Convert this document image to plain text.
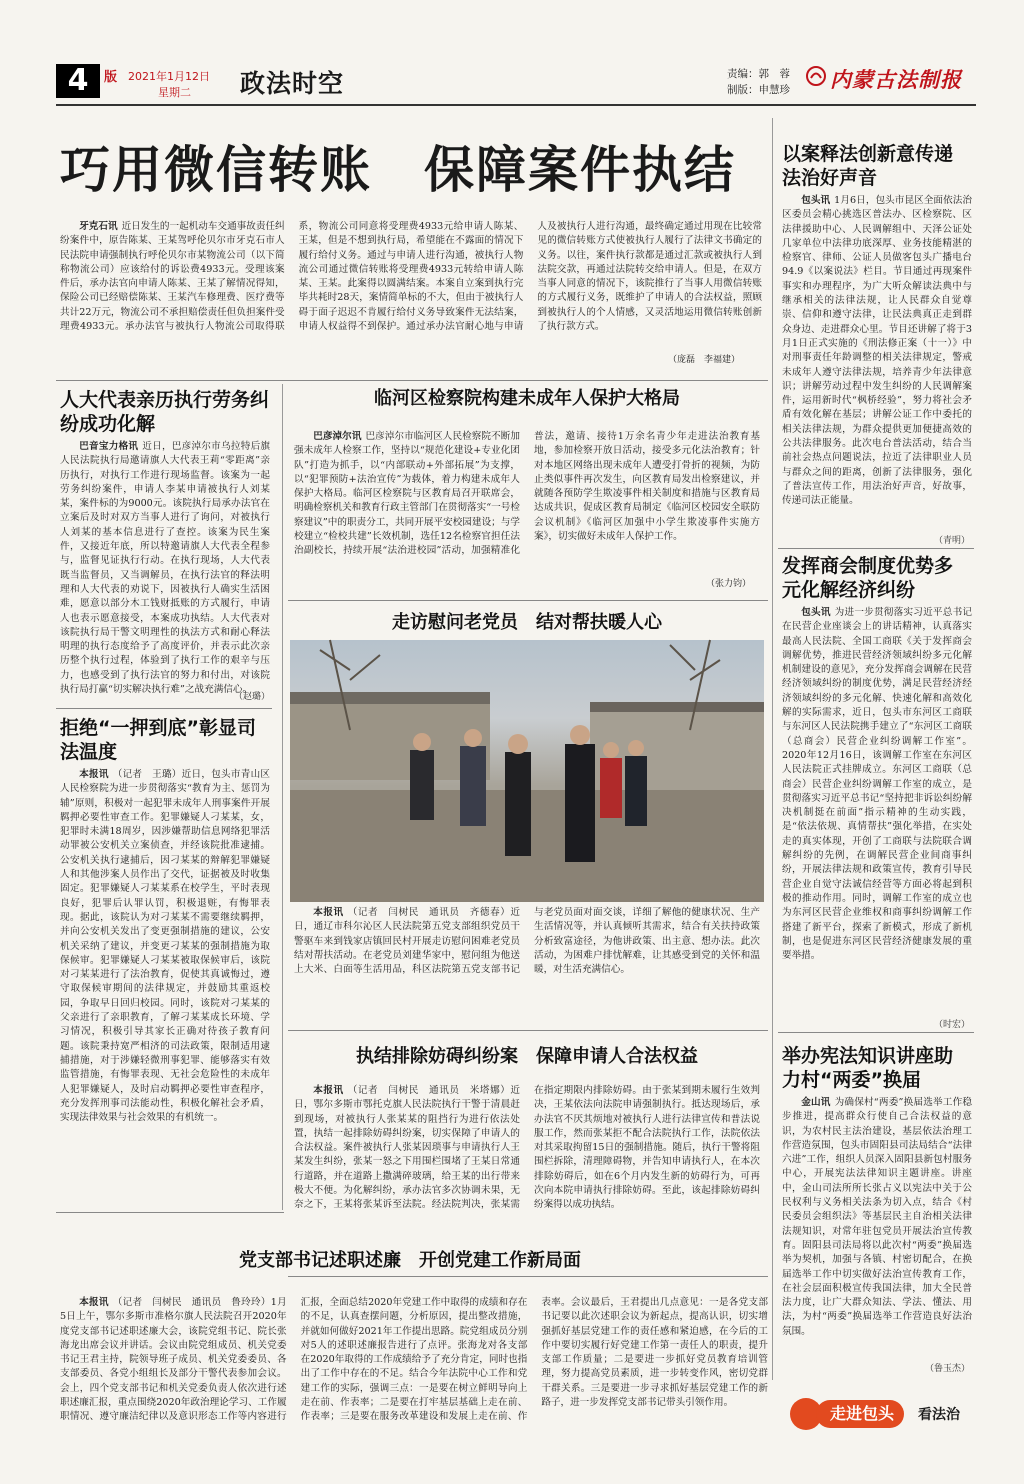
4	版 2021年1月12日
星期二 政法时空	责编：郭　蓉
制版：申慧珍 内蒙古法制报
巧用微信转账　保障案件执结

牙克石讯 近日发生的一起机动车交通事故责任纠纷案件中，原告陈某、王某驾呼伦贝尔市牙克石市人民法院申请强制执行呼伦贝尔市某物流公司（以下简称物流公司）应该给付的诉讼费4933元。受理该案件后，承办法官向申请人陈某、王某了解情况得知，保险公司已经赔偿陈某、王某汽车修理费、医疗费等共计22万元，物流公司不承担赔偿责任但负担案件受理费4933元。承办法官与被执行人物流公司取得联系，物流公司同意将受理费4933元给申请人陈某、王某，但是不想到执行局，希望能在不露面的情况下履行给付义务。通过与申请人进行沟通，被执行人物流公司通过微信转账将受理费4933元转给申请人陈某、王某。此案得以圆满结案。本案自立案到执行完毕共耗时28天，案情简单标的不大，但由于被执行人碍于面子迟迟不肯履行给付义务导致案件无法结案，申请人权益得不到保护。通过承办法官耐心地与申请人及被执行人进行沟通，最终确定通过用现在比较常见的微信转账方式使被执行人履行了法律文书确定的义务。以往，案件执行款都是通过汇款或被执行人到法院交款，再通过法院转交给申请人。但是，在双方当事人同意的情况下，该院推行了当事人用微信转账的方式履行义务，既维护了申请人的合法权益，照顾到被执行人的个人情感，又灵活地运用微信转账创新了执行款方式。

（庞磊　李福建）
人大代表亲历执行劳务纠纷成功化解

巴音宝力格讯 近日，巴彦淖尔市乌拉特后旗人民法院执行局邀请旗人大代表王莉“零距离”亲历执行，对执行工作进行现场监督。该案为一起劳务纠纷案件，申请人李某申请被执行人刘某某，案件标的为9000元。该院执行局承办法官在立案后及时对双方当事人进行了询问，对被执行人刘某的基本信息进行了查控。该案为民生案件，又接近年底，所以特邀请旗人大代表全程参与，监督见证执行行动。在执行现场，人大代表既当监督员，又当调解员，在执行法官的释法明理和人大代表的劝说下，因被执行人确实生活困难，愿意以部分木工钱财抵账的方式履行，申请人也表示愿意接受，本案成功执结。人大代表对该院执行局干警文明理性的执法方式和耐心释法明理的执行态度给予了高度评价，并表示此次亲历整个执行过程，体验到了执行工作的艰辛与压力，也感受到了执行法官的努力和付出，对该院执行局打赢“切实解决执行难”之战充满信心。

（赵璐）
拒绝“一押到底”彰显司法温度

本报讯 （记者　王璐）近日，包头市青山区人民检察院为进一步贯彻落实“教育为主、惩罚为辅”原则，积极对一起犯罪未成年人刑事案件开展羁押必要性审查工作。犯罪嫌疑人刁某某，女，犯罪时未满18周岁，因涉嫌帮助信息网络犯罪活动罪被公安机关立案侦查，并经该院批准逮捕。公安机关执行逮捕后，因刁某某的辩解犯罪嫌疑人和其他涉案人员作出了交代，证据被及时收集固定。犯罪嫌疑人刁某某系在校学生，平时表现良好，犯罪后认罪认罚，积极退赃，有悔罪表现。据此，该院认为对刁某某不需要继续羁押，并向公安机关发出了变更强制措施的建议，公安机关采纳了建议，并变更刁某某的强制措施为取保候审。犯罪嫌疑人刁某某被取保候审后，该院对刁某某进行了法治教育，促使其真诚悔过，遵守取保候审期间的法律规定，并鼓励其重返校园，争取早日回归校园。同时，该院对刁某某的父亲进行了亲职教育，了解刁某某成长环境、学习情况，积极引导其家长正确对待孩子教育问题。该院秉持宽严相济的司法政策，限制适用逮捕措施，对于涉嫌轻微刑事犯罪、能够落实有效监管措施，有悔罪表现、无社会危险性的未成年人犯罪嫌疑人，及时启动羁押必要性审查程序，充分发挥刑事司法能动性，积极化解社会矛盾，实现法律效果与社会效果的有机统一。

临河区检察院构建未成年人保护大格局

巴彦淖尔讯 巴彦淖尔市临河区人民检察院不断加强未成年人检察工作，坚持以“规范化建设+专业化团队”打造为抓手，以“内部联动+外部拓展”为支撑，以“犯罪预防+法治宣传”为载体，着力构建未成年人保护大格局。临河区检察院与区教育局召开联席会，明确检察机关和教育行政主管部门在贯彻落实“一号检察建议”中的职责分工，共同开展平安校园建设；与学校建立“检校共建”长效机制，选任12名检察官担任法治副校长，持续开展“法治进校园”活动，加强精准化普法，邀请、接待1万余名青少年走进法治教育基地，参加检察开放日活动，接受多元化法治教育；针对本地区网络出现未成年人遭受打骨折的视频，为防止类似事件再次发生，向区教育局发出检察建议，并就随各预防学生欺凌事件相关制度和措施与区教育局达成共识，促成区教育局制定《临河区校园安全联防会议机制》《临河区加强中小学生欺凌事件实施方案》，切实做好未成年人保护工作。

（张力钧）
走访慰问老党员　结对帮扶暖人心

本报讯 （记者　闫树民　通讯员　齐德春）近日，通辽市科尔沁区人民法院第五党支部组织党员干警驱车来到钱家店镇回民村开展走访慰问困难老党员结对帮扶活动。在老党员刘建华家中，慰问组为他送上大米、白面等生活用品，科区法院第五党支部书记与老党员面对面交谈，详细了解他的健康状况、生产生活情况等，并认真倾听其需求，结合有关扶持政策分析致富途径，为他讲政策、出主意、想办法。此次活动，为困难户排忧解难，让其感受到党的关怀和温暖，对生活充满信心。

执结排除妨碍纠纷案　保障申请人合法权益

本报讯 （记者　闫树民　通讯员　米塔娜）近日，鄂尔多斯市鄂托克旗人民法院执行干警于清晨赶到现场，对被执行人张某某的阻挡行为进行依法处置，执结一起排除妨碍纠纷案，切实保障了申请人的合法权益。案件被执行人张某因琐事与申请执行人王某发生纠纷，张某一怒之下用围栏围堵了王某日常通行道路，并在道路上撒满碎玻璃，给王某的出行带来极大不便。为化解纠纷，承办法官多次协调未果，无奈之下，王某将张某诉至法院。经法院判决，张某需在指定期限内排除妨碍。由于张某到期未履行生效判决，王某依法向法院申请强制执行。抵达现场后，承办法官不厌其烦地对被执行人进行法律宣传和普法说服工作，然而张某拒不配合法院执行工作，法院依法对其采取拘留15日的强制措施。随后，执行干警将阻围栏拆除，清理障碍物，并告知申请执行人，在本次排除妨碍后，如在6个月内发生新的妨碍行为，可再次向本院申请执行排除妨碍。至此，该起排除妨碍纠纷案得以成功执结。

党支部书记述职述廉　开创党建工作新局面

本报讯 （记者　闫树民　通讯员　鲁玲玲）1月5日上午，鄂尔多斯市准格尔旗人民法院召开2020年度党支部书记述职述廉大会，该院党组书记、院长张海龙出席会议并讲话。会议由院党组成员、机关党委书记王君主持，院领导班子成员、机关党委委员、各支部委员、各党小组组长及部分干警代表参加会议。会上，四个党支部书记和机关党委负责人依次进行述职述廉汇报，重点围绕2020年政治理论学习、工作履职情况、遵守廉洁纪律以及意识形态工作等内容进行汇报，全面总结2020年党建工作中取得的成绩和存在的不足，认真查摆问题，分析原因，提出整改措施，并就如何做好2021年工作提出思路。院党组成员分别对5人的述职述廉报告进行了点评。张海龙对各支部在2020年取得的工作成绩给予了充分肯定，同时也指出了工作中存在的不足。结合今年法院中心工作和党建工作的实际，强调三点：一是要在树立鲜明导向上走在前、作表率；二是要在打牢基层基础上走在前、作表率；三是要在服务改革建设和发展上走在前、作表率。会议最后，王君提出几点意见：一是各党支部书记要以此次述职会议为新起点，提高认识，切实增强抓好基层党建工作的责任感和紧迫感，在今后的工作中要切实履行好党建工作第一责任人的职责，提升支部工作质量；二是要进一步抓好党员教育培训管理，努力提高党员素质，进一步转变作风，密切党群干群关系。三是要进一步寻求抓好基层党建工作的新路子，进一步发挥党支部书记带头引领作用。

以案释法创新意传递法治好声音

包头讯 1月6日，包头市昆区全面依法治区委员会精心挑选区普法办、区检察院、区法律援助中心、人民调解组中、天泽公证处几家单位中法律功底深厚、业务技能精湛的检察官、律师、公证人员做客包头广播电台94.9《以案说法》栏目。节目通过再现案件事实和办理程序，为广大听众解读法典中与继承相关的法律法规，让人民群众自觉尊崇、信仰和遵守法律，让民法典真正走到群众身边、走进群众心里。节目还讲解了将于3月1日正式实施的《刑法修正案（十一）》中对刑事责任年龄调整的相关法律规定，警戒未成年人遵守法律法规，培养青少年法律意识；讲解劳动过程中发生纠纷的人民调解案件，运用新时代“枫桥经验”，努力将社会矛盾有效化解在基层；讲解公证工作中委托的相关法律法规，为群众提供更加便捷高效的公共法律服务。此次电台普法活动，结合当前社会热点问题说法，拉近了法律职业人员与群众之间的距离，创新了法律服务，强化了普法宣传工作，用法治好声音，好故事，传递司法正能量。

（青明）
发挥商会制度优势多元化解经济纠纷

包头讯 为进一步贯彻落实习近平总书记在民营企业座谈会上的讲话精神，认真落实最高人民法院、全国工商联《关于发挥商会调解优势，推进民营经济领域纠纷多元化解机制建设的意见》，充分发挥商会调解在民营经济领域纠纷的制度优势，满足民营经济经济领域纠纷的多元化解、快速化解和高效化解的实际需求，近日，包头市东河区工商联与东河区人民法院携手建立了“东河区工商联（总商会）民营企业纠纷调解工作室”。2020年12月16日，该调解工作室在东河区人民法院正式挂牌成立。东河区工商联（总商会）民营企业纠纷调解工作室的成立，是贯彻落实习近平总书记“坚持把非诉讼纠纷解决机制挺在前面”指示精神的生动实践，是“依法依规、真情帮扶”强化举措，在实处走的真实体现，开创了工商联与法院联合调解纠纷的先例，在调解民营企业间商事纠纷，开展法律法规和政策宣传，教育引导民营企业自觉守法诚信经营等方面必将起到积极的推动作用。同时，调解工作室的成立也为东河区民营企业维权和商事纠纷调解工作搭建了新平台，探索了新模式，形成了新机制，也是促进东河区民营经济健康发展的重要举措。

（时宏）
举办宪法知识讲座助力村“两委”换届

金山讯 为确保村“两委”换届选举工作稳步推进，提高群众行使自己合法权益的意识，为农村民主法治建设，基层依法治理工作营造氛围，包头市固阳县司法局结合“法律六进”工作，组织人员深入固阳县新包村服务中心，开展宪法法律知识主题讲座。讲座中，金山司法所所长张占义以宪法中关于公民权利与义务相关法条为切入点，结合《村民委员会组织法》等基层民主自治相关法律法规知识，对常年驻包党员开展法治宣传教育。固阳县司法局将以此次村“两委”换届选举为契机，加强与各镇、村密切配合，在换届选举工作中切实做好法治宣传教育工作，在社会层面积极宣传我国法律，加大全民普法力度，让广大群众知法、学法、懂法、用法，为村“两委”换届选举工作营造良好法治氛围。

（鲁玉杰）
走进包头	看法治
